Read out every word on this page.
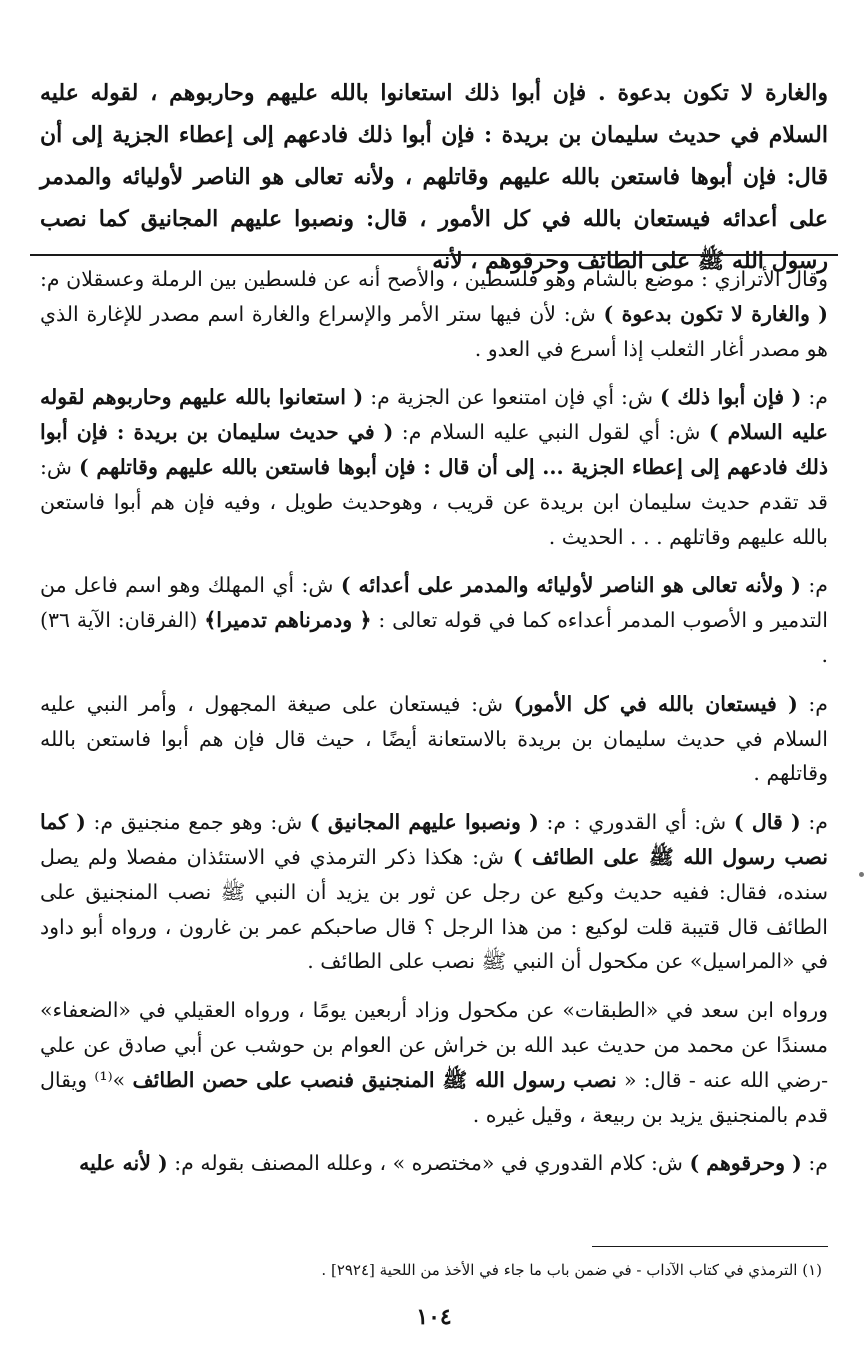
والغارة لا تكون بدعوة . فإن أبوا ذلك استعانوا بالله عليهم وحاربوهم ، لقوله عليه السلام في حديث سليمان بن بريدة : فإن أبوا ذلك فادعهم إلى إعطاء الجزية إلى أن قال: فإن أبوها فاستعن بالله عليهم وقاتلهم ، ولأنه تعالى هو الناصر لأوليائه والمدمر على أعدائه فيستعان بالله في كل الأمور ، قال: ونصبوا عليهم المجانيق كما نصب رسول الله ﷺ على الطائف وحرقوهم ، لأنه

وقال الأترازي : موضع بالشام وهو فلسطين ، والأصح أنه عن فلسطين بين الرملة وعسقلان م: ( والغارة لا تكون بدعوة ) ش: لأن فيها ستر الأمر والإسراع والغارة اسم مصدر للإغارة الذي هو مصدر أغار الثعلب إذا أسرع في العدو .

م: ( فإن أبوا ذلك ) ش: أي فإن امتنعوا عن الجزية م: ( استعانوا بالله عليهم وحاربوهم لقوله عليه السلام ) ش: أي لقول النبي عليه السلام م: ( في حديث سليمان بن بريدة : فإن أبوا ذلك فادعهم إلى إعطاء الجزية ... إلى أن قال : فإن أبوها فاستعن بالله عليهم وقاتلهم ) ش: قد تقدم حديث سليمان ابن بريدة عن قريب ، وهوحديث طويل ، وفيه فإن هم أبوا فاستعن بالله عليهم وقاتلهم . . . الحديث .

م: ( ولأنه تعالى هو الناصر لأوليائه والمدمر على أعدائه ) ش: أي المهلك وهو اسم فاعل من التدمير و الأصوب المدمر أعداءه كما في قوله تعالى : ﴿ ودمرناهم تدميرا﴾ (الفرقان: الآية ٣٦) .

م: ( فيستعان بالله في كل الأمور) ش: فيستعان على صيغة المجهول ، وأمر النبي عليه السلام في حديث سليمان بن بريدة بالاستعانة أيضًا ، حيث قال فإن هم أبوا فاستعن بالله وقاتلهم .

م: ( قال ) ش: أي القدوري : م: ( ونصبوا عليهم المجانيق ) ش: وهو جمع منجنيق م: ( كما نصب رسول الله ﷺ على الطائف ) ش: هكذا ذكر الترمذي في الاستئذان مفصلا ولم يصل سنده، فقال: ففيه حديث وكيع عن رجل عن ثور بن يزيد أن النبي ﷺ نصب المنجنيق على الطائف قال قتيبة قلت لوكيع : من هذا الرجل ؟ قال صاحبكم عمر بن غارون ، ورواه أبو داود في «المراسيل» عن مكحول أن النبي ﷺ نصب على الطائف .

ورواه ابن سعد في «الطبقات» عن مكحول وزاد أربعين يومًا ، ورواه العقيلي في «الضعفاء» مسندًا عن محمد من حديث عبد الله بن خراش عن العوام بن حوشب عن أبي صادق عن علي -رضي الله عنه - قال: « نصب رسول الله ﷺ المنجنيق فنصب على حصن الطائف »⁽¹⁾ ويقال قدم بالمنجنيق يزيد بن ربيعة ، وقيل غيره .

م: ( وحرقوهم ) ش: كلام القدوري في «مختصره » ، وعلله المصنف بقوله م: ( لأنه عليه

(١) الترمذي في كتاب الآداب - في ضمن باب ما جاء في الأخذ من اللحية [٢٩٢٤] .
١٠٤
